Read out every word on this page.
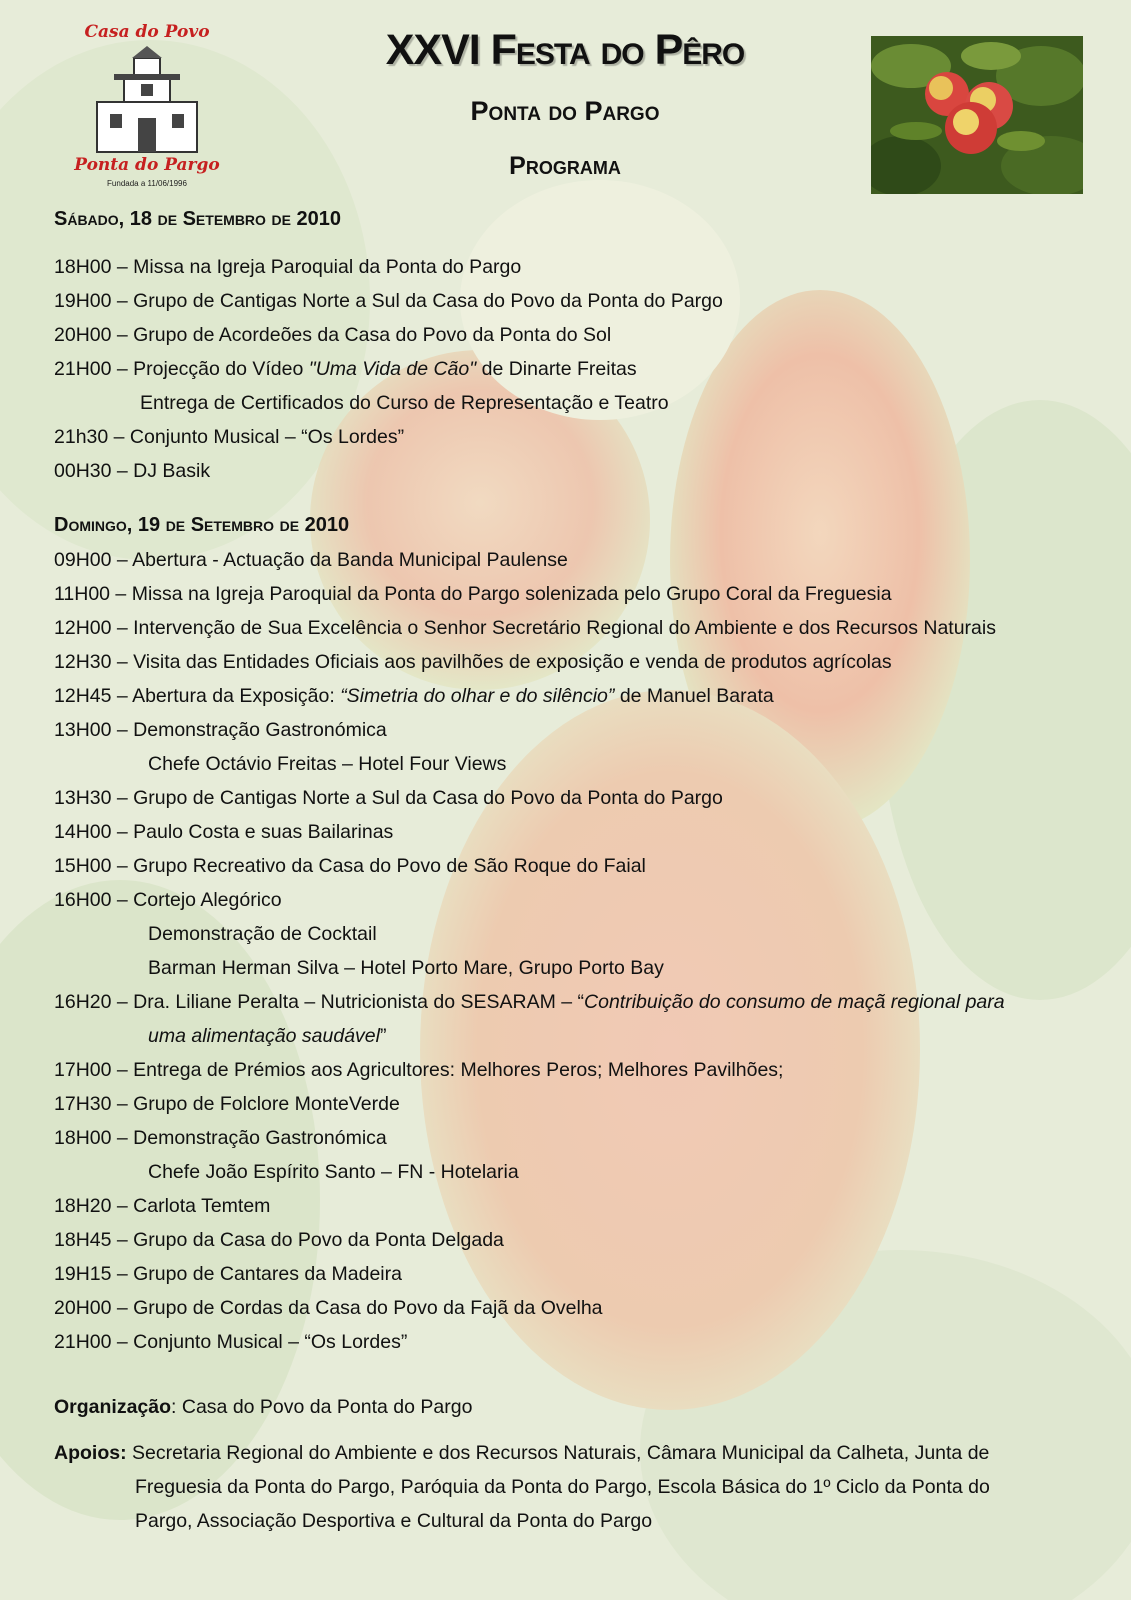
Casa do Povo
Ponta do Pargo
Fundada a 11/06/1996
XXVI Festa do Pêro
Ponta do Pargo
Programa
Sábado, 18 de Setembro de 2010
18H00 – Missa na Igreja Paroquial da Ponta do Pargo
19H00 – Grupo de Cantigas Norte a Sul da Casa do Povo da Ponta do Pargo
20H00 – Grupo de Acordeões da Casa do Povo da Ponta do Sol
21H00 – Projecção do Vídeo "Uma Vida de Cão" de Dinarte Freitas
Entrega de Certificados do Curso de Representação e Teatro
21h30 – Conjunto Musical – “Os Lordes”
00H30 – DJ Basik
Domingo, 19 de Setembro de 2010
09H00 – Abertura - Actuação da Banda Municipal Paulense
11H00 – Missa na Igreja Paroquial da Ponta do Pargo solenizada pelo Grupo Coral da Freguesia
12H00 – Intervenção de Sua Excelência o Senhor Secretário Regional do Ambiente e dos Recursos Naturais
12H30 – Visita das Entidades Oficiais aos pavilhões de exposição e venda de produtos agrícolas
12H45 – Abertura da Exposição: “Simetria do olhar e do silêncio” de Manuel Barata
13H00 – Demonstração Gastronómica
Chefe Octávio Freitas – Hotel Four Views
13H30 – Grupo de Cantigas Norte a Sul da Casa do Povo da Ponta do Pargo
14H00 – Paulo Costa e suas Bailarinas
15H00 – Grupo Recreativo da Casa do Povo de São Roque do Faial
16H00 – Cortejo Alegórico
Demonstração de Cocktail
Barman Herman Silva – Hotel Porto Mare, Grupo Porto Bay
16H20 – Dra. Liliane Peralta – Nutricionista do SESARAM – “Contribuição do consumo de maçã regional para
uma alimentação saudável”
17H00 – Entrega de Prémios aos Agricultores: Melhores Peros; Melhores Pavilhões;
17H30 – Grupo de Folclore MonteVerde
18H00 – Demonstração Gastronómica
Chefe João Espírito Santo – FN - Hotelaria
18H20 – Carlota Temtem
18H45 – Grupo da Casa do Povo da Ponta Delgada
19H15 – Grupo de Cantares da Madeira
20H00 – Grupo de Cordas da Casa do Povo da Fajã da Ovelha
21H00 – Conjunto Musical – “Os Lordes”
Organização: Casa do Povo da Ponta do Pargo
Apoios: Secretaria Regional do Ambiente e dos Recursos Naturais, Câmara Municipal da Calheta, Junta de
Freguesia da Ponta do Pargo, Paróquia da Ponta do Pargo, Escola Básica do 1º Ciclo da Ponta do
Pargo, Associação Desportiva e Cultural da Ponta do Pargo
